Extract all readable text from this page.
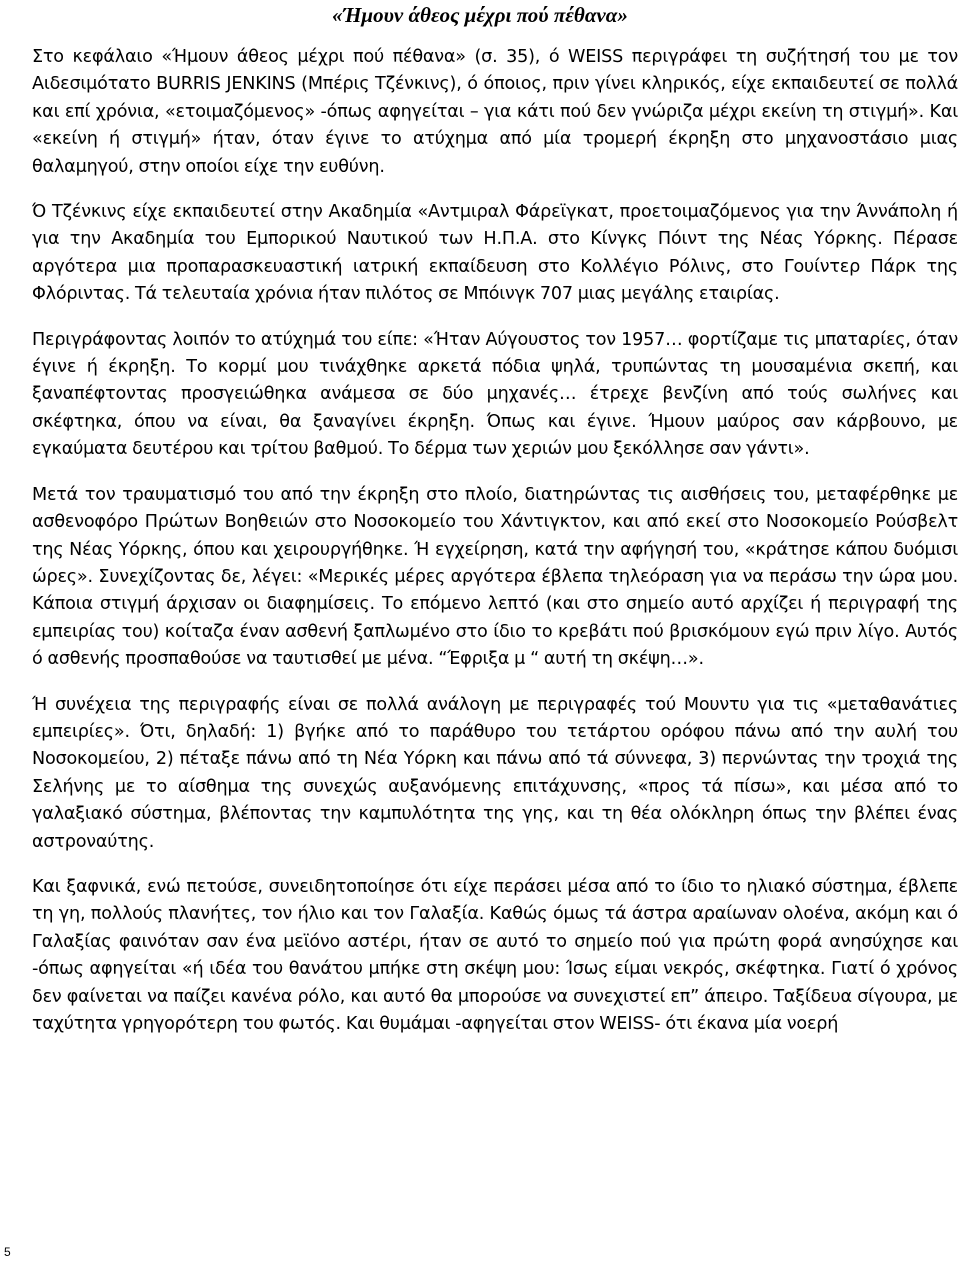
«Ήμουν άθεος μέχρι πού πέθανα»

Στο κεφάλαιο «Ήμουν άθεος μέχρι πού πέθανα» (σ. 35), ό WEISS περιγράφει τη συζήτησή του με τον Αιδεσιμότατο BURRIS JENKINS (Μπέρις Τζένκινς), ό όποιος, πριν γίνει κληρικός, είχε εκπαιδευτεί σε πολλά και επί χρόνια, «ετοιμαζόμενος» -όπως αφηγείται – για κάτι πού δεν γνώριζα μέχρι εκείνη τη στιγμή». Και «εκείνη ή στιγμή» ήταν, όταν έγινε το ατύχημα από μία τρομερή έκρηξη στο μηχανοστάσιο μιας θαλαμηγού, στην οποίοι είχε την ευθύνη.

Ό Τζένκινς είχε εκπαιδευτεί στην Ακαδημία «Αντμιραλ Φάρεϊγκατ, προετοιμαζόμενος για την Άννάπολη ή για την Ακαδημία του Εμπορικού Ναυτικού των Η.Π.Α. στο Κίνγκς Πόιντ της Νέας Υόρκης. Πέρασε αργότερα μια προπαρασκευαστική ιατρική εκπαίδευση στο Κολλέγιο Ρόλινς, στο Γουίντερ Πάρκ της Φλόριντας. Τά τελευταία χρόνια ήταν πιλότος σε Μπόινγκ 707 μιας μεγάλης εταιρίας.

Περιγράφοντας λοιπόν το ατύχημά του είπε: «Ήταν Αύγουστος τον 1957… φορτίζαμε τις μπαταρίες, όταν έγινε ή έκρηξη. Το κορμί μου τινάχθηκε αρκετά πόδια ψηλά, τρυπώντας τη μουσαμένια σκεπή, και ξαναπέφτοντας προσγειώθηκα ανάμεσα σε δύο μηχανές… έτρεχε βενζίνη από τούς σωλήνες και σκέφτηκα, όπου να είναι, θα ξαναγίνει έκρηξη. Όπως και έγινε. Ήμουν μαύρος σαν κάρβουνο, με εγκαύματα δευτέρου και τρίτου βαθμού. Το δέρμα των χεριών μου ξεκόλλησε σαν γάντι».

Μετά τον τραυματισμό του από την έκρηξη στο πλοίο, διατηρώντας τις αισθήσεις του, μεταφέρθηκε με ασθενοφόρο Πρώτων Βοηθειών στο Νοσοκομείο του Χάντιγκτον, και από εκεί στο Νοσοκομείο Ρούσβελτ της Νέας Υόρκης, όπου και χειρουργήθηκε. Ή εγχείρηση, κατά την αφήγησή του, «κράτησε κάπου δυόμισι ώρες». Συνεχίζοντας δε, λέγει: «Μερικές μέρες αργότερα έβλεπα τηλεόραση για να περάσω την ώρα μου. Κάποια στιγμή άρχισαν οι διαφημίσεις. Το επόμενο λεπτό (και στο σημείο αυτό αρχίζει ή περιγραφή της εμπειρίας του) κοίταζα έναν ασθενή ξαπλωμένο στο ίδιο το κρεβάτι πού βρισκόμουν εγώ πριν λίγο. Αυτός ό ασθενής προσπαθούσε να ταυτισθεί με μένα. “Έφριξα μ “ αυτή τη σκέψη…».

Ή συνέχεια της περιγραφής είναι σε πολλά ανάλογη με περιγραφές τού Μουντυ για τις «μεταθανάτιες εμπειρίες». Ότι, δηλαδή: 1) βγήκε από το παράθυρο του τετάρτου ορόφου πάνω από την αυλή του Νοσοκομείου, 2) πέταξε πάνω από τη Νέα Υόρκη και πάνω από τά σύννεφα, 3) περνώντας την τροχιά της Σελήνης με το αίσθημα της συνεχώς αυξανόμενης επιτάχυνσης, «προς τά πίσω», και μέσα από το γαλαξιακό σύστημα, βλέποντας την καμπυλότητα της γης, και τη θέα ολόκληρη όπως την βλέπει ένας αστροναύτης.

Και ξαφνικά, ενώ πετούσε, συνειδητοποίησε ότι είχε περάσει μέσα από το ίδιο το ηλιακό σύστημα, έβλεπε τη γη, πολλούς πλανήτες, τον ήλιο και τον Γαλαξία. Καθώς όμως τά άστρα αραίωναν ολοένα, ακόμη και ό Γαλαξίας φαινόταν σαν ένα μεϊόνο αστέρι, ήταν σε αυτό το σημείο πού για πρώτη φορά ανησύχησε και -όπως αφηγείται «ή ιδέα του θανάτου μπήκε στη σκέψη μου: Ίσως είμαι νεκρός, σκέφτηκα. Γιατί ό χρόνος δεν φαίνεται να παίζει κανένα ρόλο, και αυτό θα μπορούσε να συνεχιστεί επ” άπειρο. Ταξίδευα σίγουρα, με ταχύτητα γρηγορότερη του φωτός. Και θυμάμαι -αφηγείται στον WEISS- ότι έκανα μία νοερή

5
